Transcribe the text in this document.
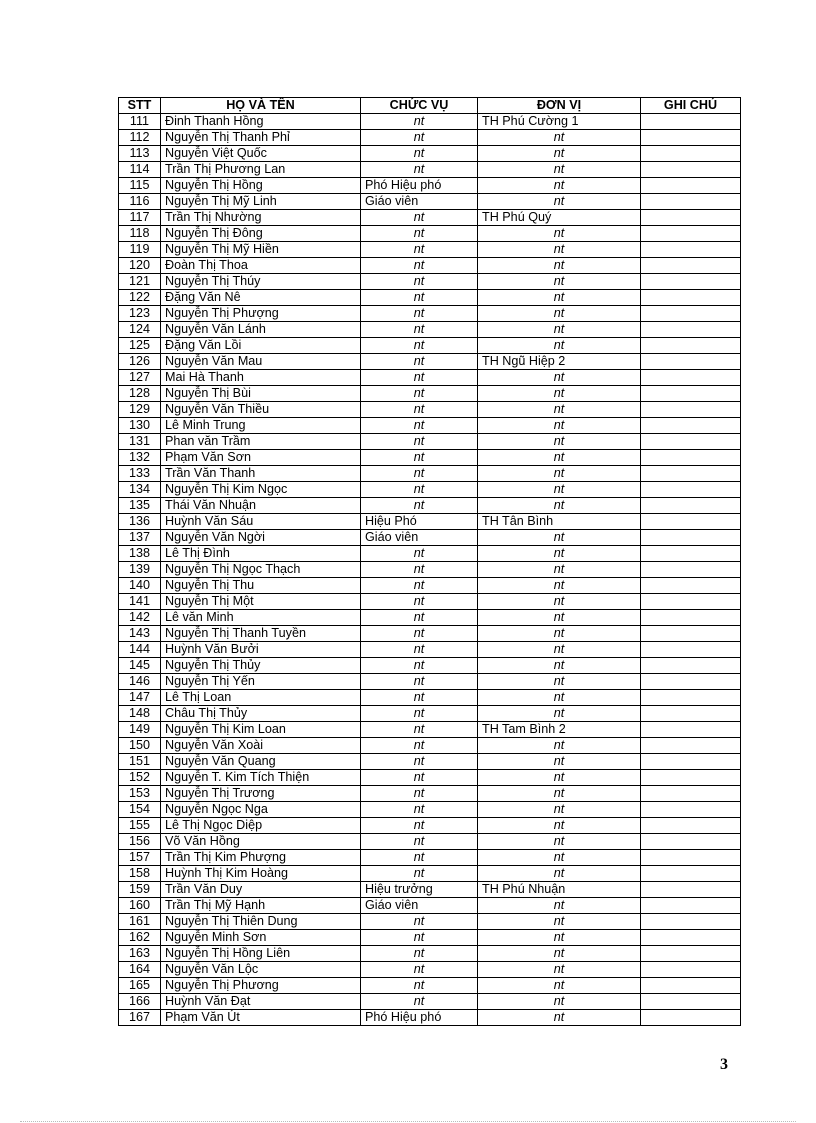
STT	HỌ VÀ TÊN	CHỨC VỤ	ĐƠN VỊ	GHI CHÚ
111	Đinh Thanh Hồng	nt	TH Phú Cường 1	
112	Nguyễn Thị Thanh Phỉ	nt	nt	
113	Nguyễn Việt Quốc	nt	nt	
114	Trần Thị Phương Lan	nt	nt	
115	Nguyễn Thị Hồng	Phó Hiệu phó	nt	
116	Nguyễn Thị Mỹ Linh	Giáo viên	nt	
117	Trần Thị Nhường	nt	TH Phú Quý	
118	Nguyễn Thị Đông	nt	nt	
119	Nguyễn Thị Mỹ Hiền	nt	nt	
120	Đoàn Thị Thoa	nt	nt	
121	Nguyễn Thị Thúy	nt	nt	
122	Đặng Văn Nê	nt	nt	
123	Nguyễn Thị Phượng	nt	nt	
124	Nguyễn Văn Lánh	nt	nt	
125	Đặng Văn Lồi	nt	nt	
126	Nguyễn Văn Mau	nt	TH Ngũ Hiệp 2	
127	Mai Hà Thanh	nt	nt	
128	Nguyễn Thị Bùi	nt	nt	
129	Nguyễn Văn Thiều	nt	nt	
130	Lê Minh Trung	nt	nt	
131	Phan văn Trầm	nt	nt	
132	Phạm Văn Sơn	nt	nt	
133	Trần Văn Thanh	nt	nt	
134	Nguyễn Thị Kim Ngọc	nt	nt	
135	Thái Văn Nhuận	nt	nt	
136	Huỳnh Văn Sáu	Hiệu Phó	TH Tân Bình	
137	Nguyễn Văn Ngời	Giáo viên	nt	
138	Lê Thị Đình	nt	nt	
139	Nguyễn Thị Ngọc Thạch	nt	nt	
140	Nguyễn Thị Thu	nt	nt	
141	Nguyễn Thị Một	nt	nt	
142	Lê văn Minh	nt	nt	
143	Nguyễn Thị Thanh Tuyền	nt	nt	
144	Huỳnh Văn Bưởi	nt	nt	
145	Nguyễn Thị Thủy	nt	nt	
146	Nguyễn Thị Yến	nt	nt	
147	Lê Thị Loan	nt	nt	
148	Châu Thị Thủy	nt	nt	
149	Nguyễn Thị Kim Loan	nt	TH Tam Bình 2	
150	Nguyễn Văn Xoài	nt	nt	
151	Nguyễn Văn Quang	nt	nt	
152	Nguyễn T. Kim Tích Thiện	nt	nt	
153	Nguyễn Thị Trương	nt	nt	
154	Nguyễn Ngọc Nga	nt	nt	
155	Lê Thị Ngọc Diệp	nt	nt	
156	Võ Văn Hồng	nt	nt	
157	Trần Thị Kim Phượng	nt	nt	
158	Huỳnh Thị Kim Hoàng	nt	nt	
159	Trần Văn Duy	Hiệu trưởng	TH Phú Nhuận	
160	Trần Thị Mỹ Hạnh	Giáo viên	nt	
161	Nguyễn Thị Thiên Dung	nt	nt	
162	Nguyễn Minh Sơn	nt	nt	
163	Nguyễn Thị Hồng Liên	nt	nt	
164	Nguyễn Văn Lộc	nt	nt	
165	Nguyễn Thị Phương	nt	nt	
166	Huỳnh Văn Đạt	nt	nt	
167	Phạm Văn Út	Phó Hiệu phó	nt	
3
